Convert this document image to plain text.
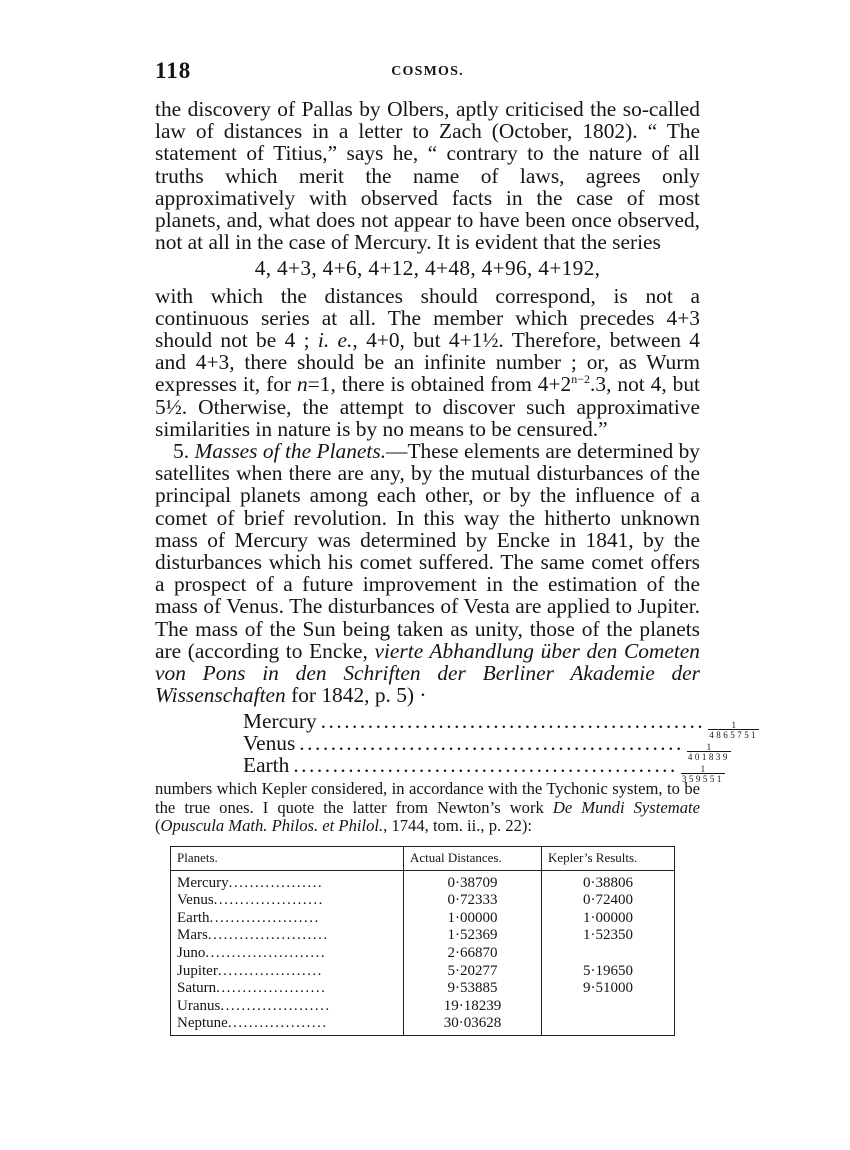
118	COSMOS.

the discovery of Pallas by Olbers, aptly criticised the so-called law of distances in a letter to Zach (October, 1802). “ The statement of Titius,” says he, “ contrary to the nature of all truths which merit the name of laws, agrees only approximatively with observed facts in the case of most planets, and, what does not appear to have been once observed, not at all in the case of Mercury. It is evident that the series

4, 4+3, 4+6, 4+12, 4+48, 4+96, 4+192,

with which the distances should correspond, is not a continuous series at all. The member which precedes 4+3 should not be 4 ; i. e., 4+0, but 4+1½. Therefore, between 4 and 4+3, there should be an infinite number ; or, as Wurm expresses it, for n=1, there is obtained from $4+2^{n-2}.3$, not 4, but 5½. Otherwise, the attempt to discover such approximative similarities in nature is by no means to be censured.”

5. Masses of the Planets.—These elements are determined by satellites when there are any, by the mutual disturbances of the principal planets among each other, or by the influence of a comet of brief revolution. In this way the hitherto unknown mass of Mercury was determined by Encke in 1841, by the disturbances which his comet suffered. The same comet offers a prospect of a future improvement in the estimation of the mass of Venus. The disturbances of Vesta are applied to Jupiter. The mass of the Sun being taken as unity, those of the planets are (according to Encke, vierte Abhandlung über den Cometen von Pons in den Schriften der Berliner Akademie der Wissenschaften for 1842, p. 5) ·

Mercury ................................................. $\frac{1}{4865751}$
Venus ................................................. $\frac{1}{401839}$
Earth ................................................. $\frac{1}{359551}$

numbers which Kepler considered, in accordance with the Tychonic system, to be the true ones. I quote the latter from Newton’s work De Mundi Systemate (Opuscula Math. Philos. et Philol., 1744, tom. ii., p. 22):

Planets.	Actual Distances.	Kepler’s Results.
Mercury..................	0·38709	0·38806
Venus.....................	0·72333	0·72400
Earth.....................	1·00000	1·00000
Mars.......................	1·52369	1·52350
Juno.......................	2·66870	
Jupiter....................	5·20277	5·19650
Saturn.....................	9·53885	9·51000
Uranus.....................	19·18239	
Neptune...................	30·03628	
